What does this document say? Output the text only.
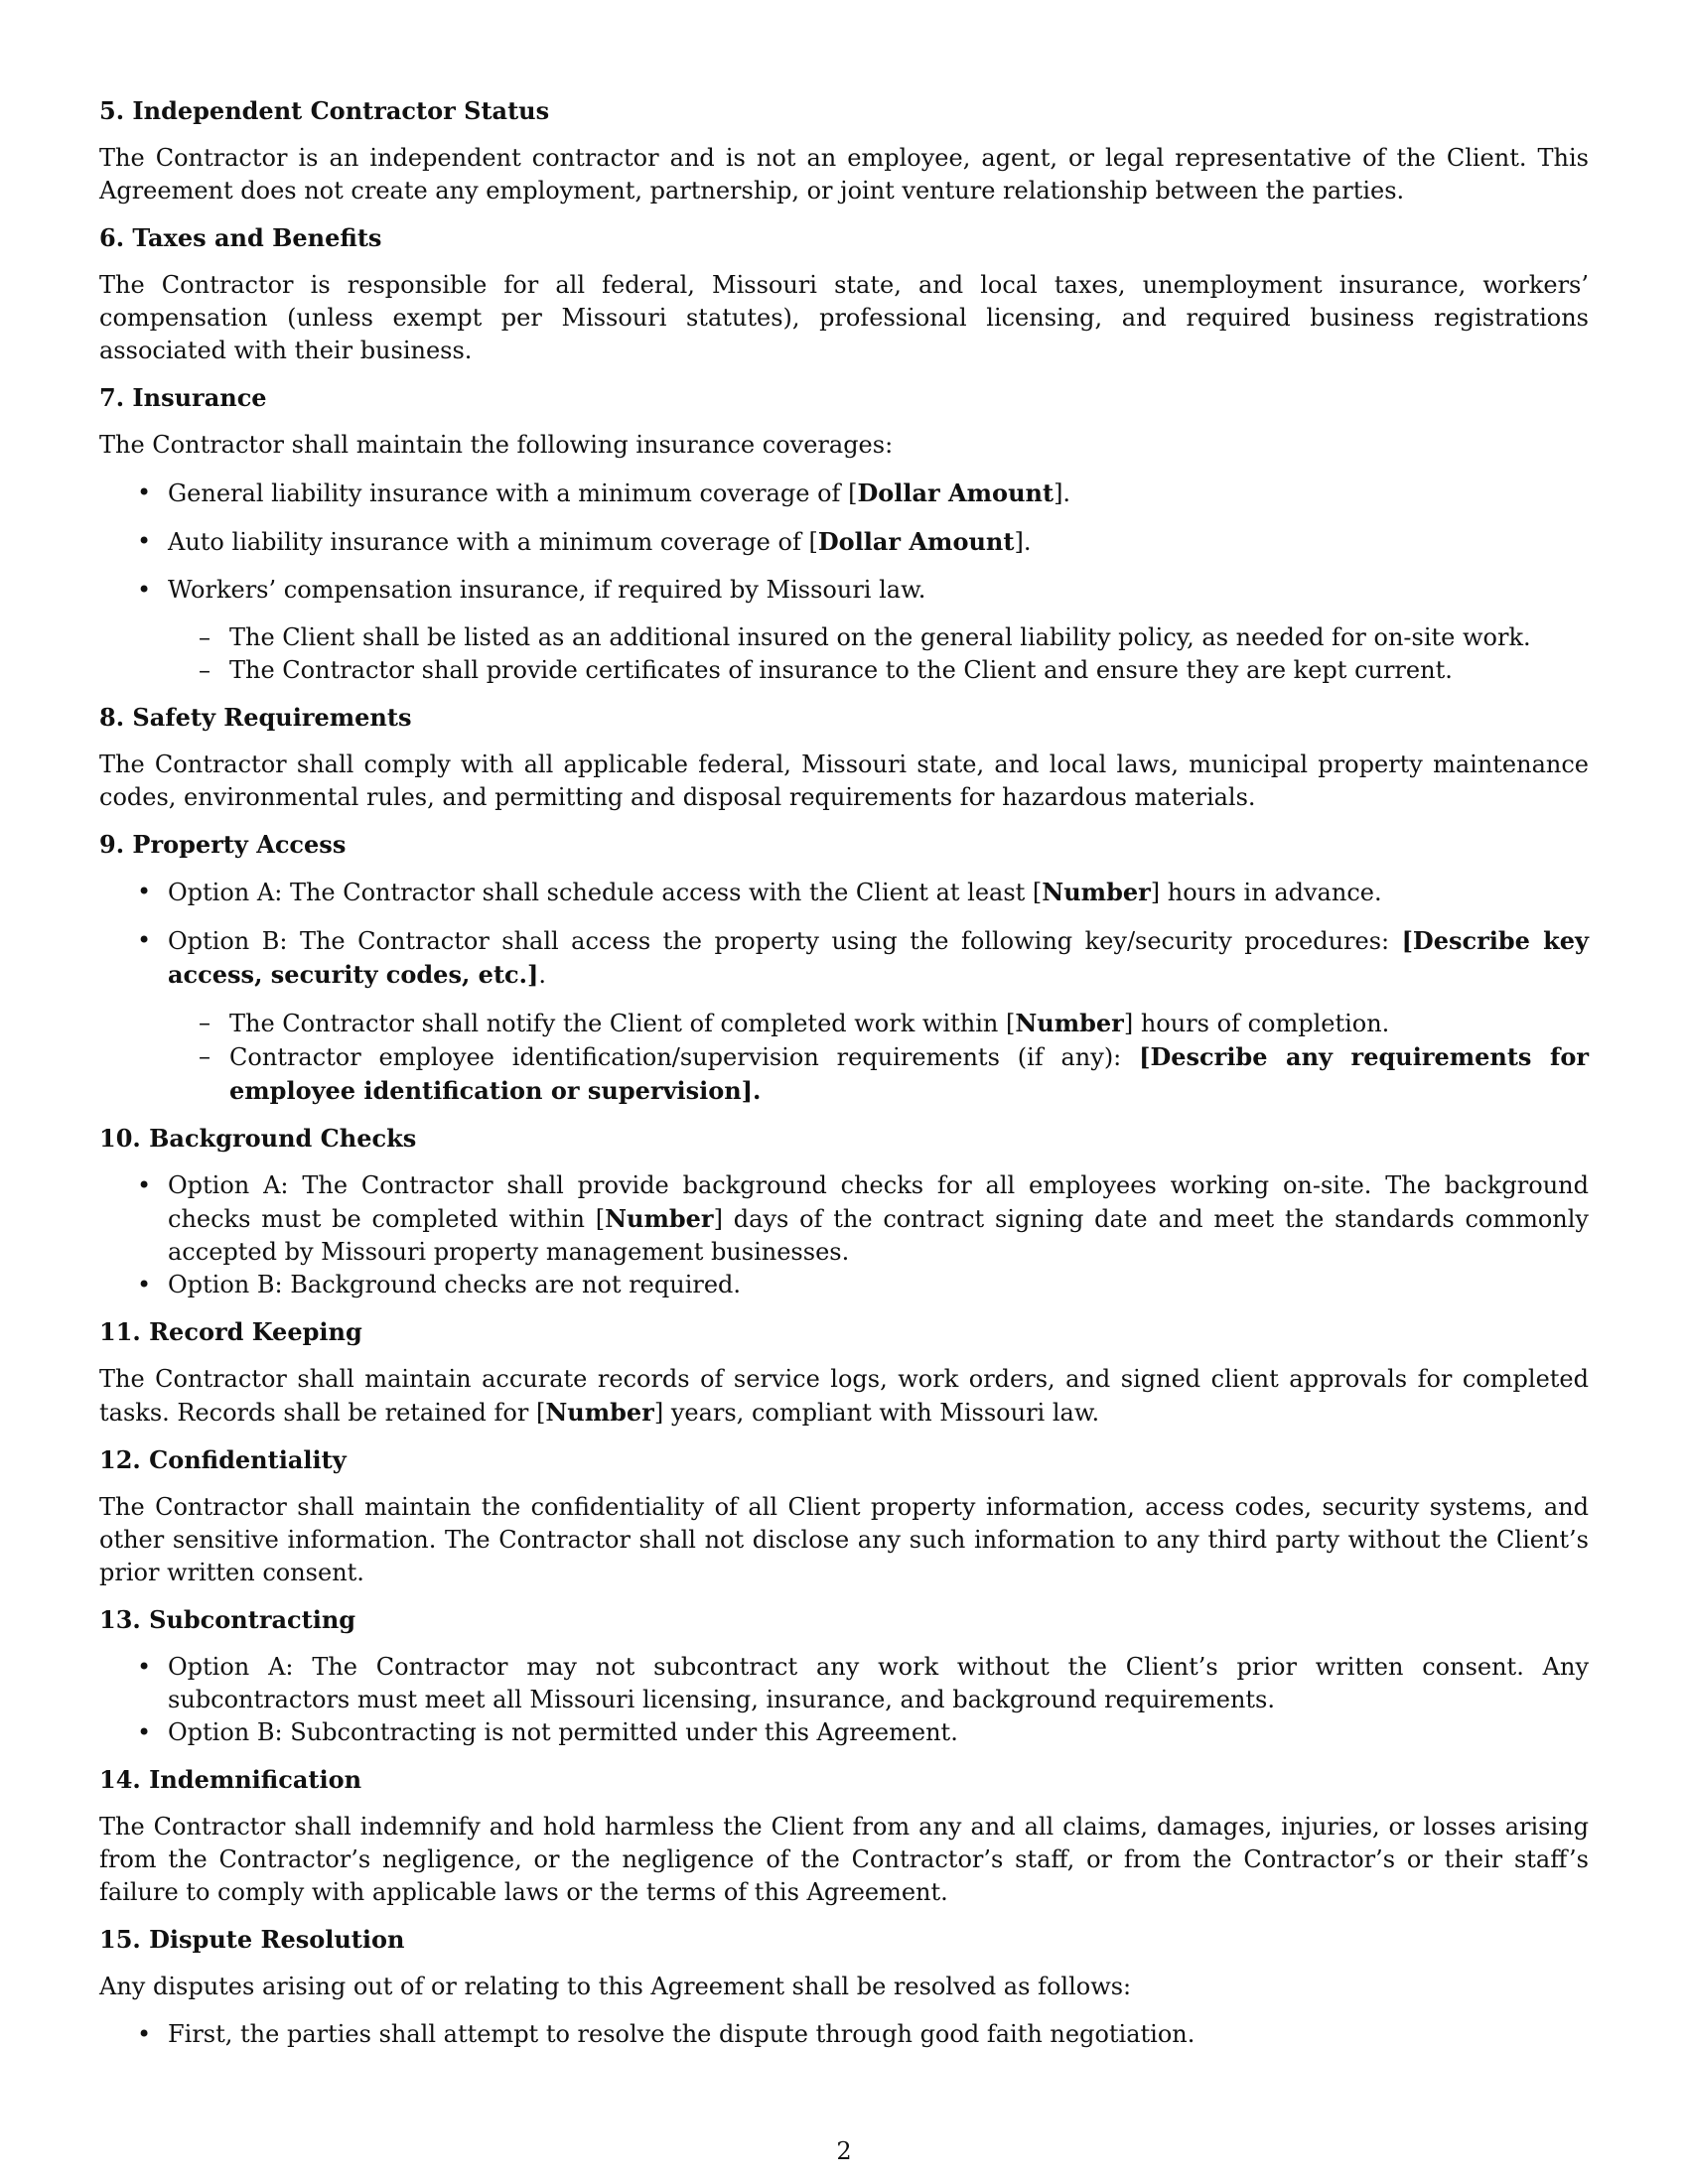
5. Independent Contractor Status

The Contractor is an independent contractor and is not an employee, agent, or legal representative of the Client. This Agreement does not create any employment, partnership, or joint venture relationship between the parties.

6. Taxes and Benefits

The Contractor is responsible for all federal, Missouri state, and local taxes, unemployment insurance, workers’ compensation (unless exempt per Missouri statutes), professional licensing, and required business registrations associated with their business.

7. Insurance

The Contractor shall maintain the following insurance coverages:

• General liability insurance with a minimum coverage of [Dollar Amount].
• Auto liability insurance with a minimum coverage of [Dollar Amount].
• Workers’ compensation insurance, if required by Missouri law.
– The Client shall be listed as an additional insured on the general liability policy, as needed for on-site work.
– The Contractor shall provide certificates of insurance to the Client and ensure they are kept current.
8. Safety Requirements

The Contractor shall comply with all applicable federal, Missouri state, and local laws, municipal property maintenance codes, environmental rules, and permitting and disposal requirements for hazardous materials.

9. Property Access
• Option A: The Contractor shall schedule access with the Client at least [Number] hours in advance.
• Option B: The Contractor shall access the property using the following key/security procedures: [Describe key access, security codes, etc.].
– The Contractor shall notify the Client of completed work within [Number] hours of completion.
– Contractor employee identification/supervision requirements (if any): [Describe any requirements for employee identification or supervision].
10. Background Checks
• Option A: The Contractor shall provide background checks for all employees working on-site. The background checks must be completed within [Number] days of the contract signing date and meet the standards commonly accepted by Missouri property management businesses.
• Option B: Background checks are not required.
11. Record Keeping

The Contractor shall maintain accurate records of service logs, work orders, and signed client approvals for completed tasks. Records shall be retained for [Number] years, compliant with Missouri law.

12. Confidentiality

The Contractor shall maintain the confidentiality of all Client property information, access codes, security systems, and other sensitive information. The Contractor shall not disclose any such information to any third party without the Client’s prior written consent.

13. Subcontracting
• Option A: The Contractor may not subcontract any work without the Client’s prior written consent. Any subcontractors must meet all Missouri licensing, insurance, and background requirements.
• Option B: Subcontracting is not permitted under this Agreement.
14. Indemnification

The Contractor shall indemnify and hold harmless the Client from any and all claims, damages, injuries, or losses arising from the Contractor’s negligence, or the negligence of the Contractor’s staff, or from the Contractor’s or their staff’s failure to comply with applicable laws or the terms of this Agreement.

15. Dispute Resolution

Any disputes arising out of or relating to this Agreement shall be resolved as follows:

• First, the parties shall attempt to resolve the dispute through good faith negotiation.
2
